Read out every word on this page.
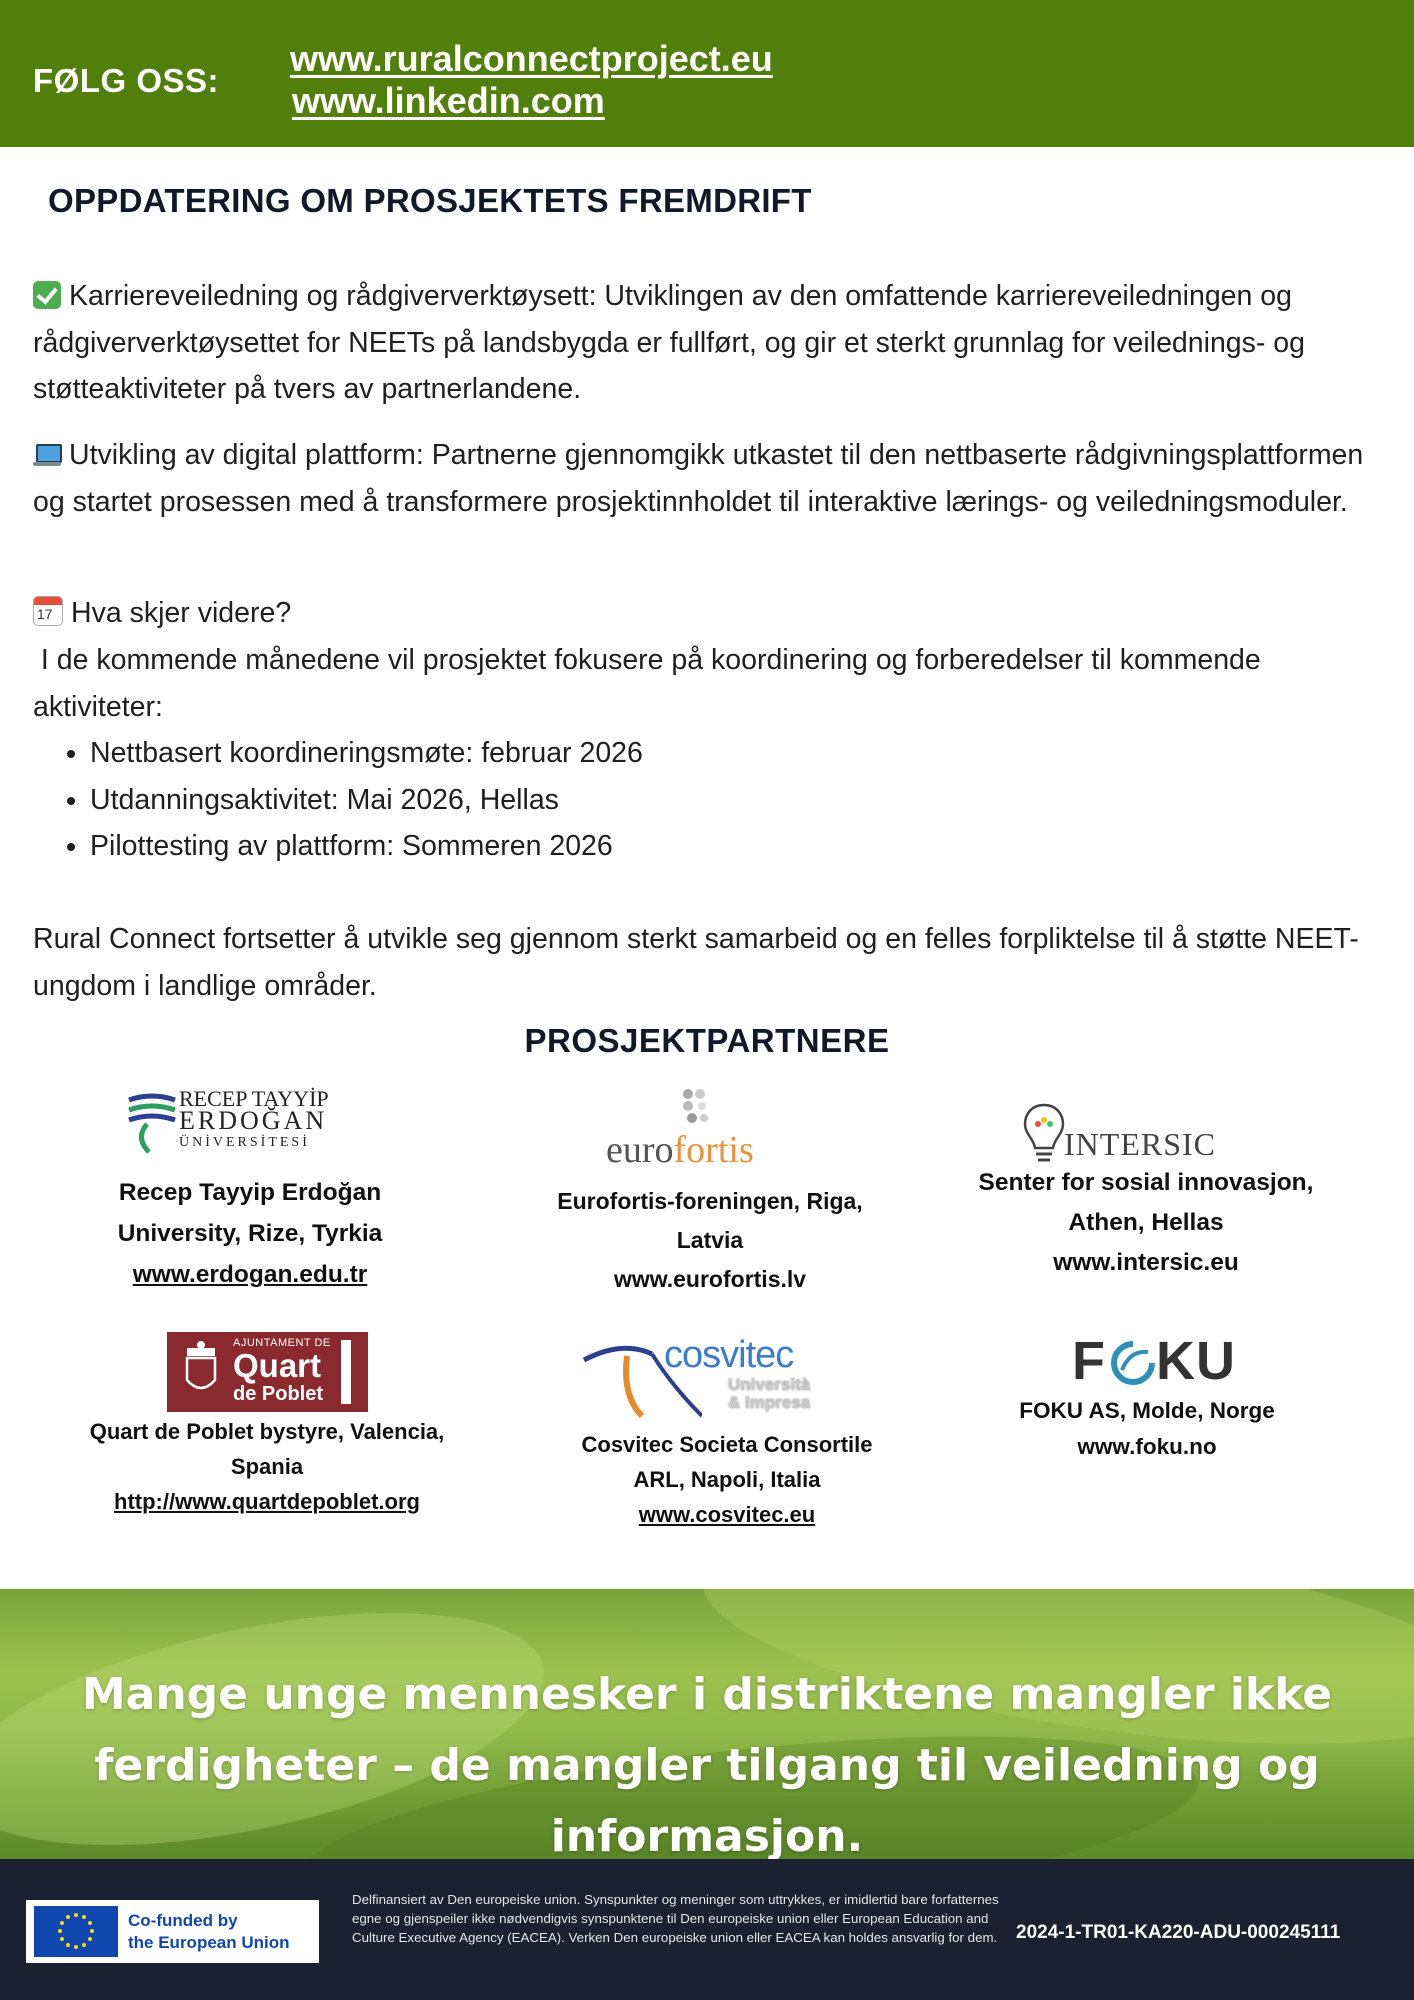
FØLG OSS:
www.ruralconnectproject.eu
www.linkedin.com
OPPDATERING OM PROSJEKTETS FREMDRIFT
Karriereveiledning og rådgiververktøysett: Utviklingen av den omfattende karriereveiledningen og rådgiververktøysettet for NEETs på landsbygda er fullført, og gir et sterkt grunnlag for veilednings- og støtteaktiviteter på tvers av partnerlandene.
Utvikling av digital plattform: Partnerne gjennomgikk utkastet til den nettbaserte rådgivningsplattformen og startet prosessen med å transformere prosjektinnholdet til interaktive lærings- og veiledningsmoduler.
17 Hva skjer videre?
I de kommende månedene vil prosjektet fokusere på koordinering og forberedelser til kommende aktiviteter:
• Nettbasert koordineringsmøte: februar 2026
• Utdanningsaktivitet: Mai 2026, Hellas
• Pilottesting av plattform: Sommeren 2026
Rural Connect fortsetter å utvikle seg gjennom sterkt samarbeid og en felles forpliktelse til å støtte NEET-ungdom i landlige områder.
PROSJEKTPARTNERE
RECEP TAYYİP
ERDOĞAN
ÜNİVERSİTESİ
Recep Tayyip Erdoğan
University, Rize, Tyrkia
www.erdogan.edu.tr
eurofortis
Eurofortis-foreningen, Riga,
Latvia
www.eurofortis.lv
INTERSIC
Senter for sosial innovasjon,
Athen, Hellas
www.intersic.eu
AJUNTAMENT DE
Quart
de Poblet
Quart de Poblet bystyre, Valencia,
Spania
http://www.quartdepoblet.org
cosvitec
Università
& Impresa
Cosvitec Societa Consortile
ARL, Napoli, Italia
www.cosvitec.eu
F KU
FOKU AS, Molde, Norge
www.foku.no
Mange unge mennesker i distriktene mangler ikke ferdigheter – de mangler tilgang til veiledning og informasjon.
Co-funded by
the European Union
Delfinansiert av Den europeiske union. Synspunkter og meninger som uttrykkes, er imidlertid bare forfatternes egne og gjenspeiler ikke nødvendigvis synspunktene til Den europeiske union eller European Education and Culture Executive Agency (EACEA). Verken Den europeiske union eller EACEA kan holdes ansvarlig for dem. 2024-1-TR01-KA220-ADU-000245111
